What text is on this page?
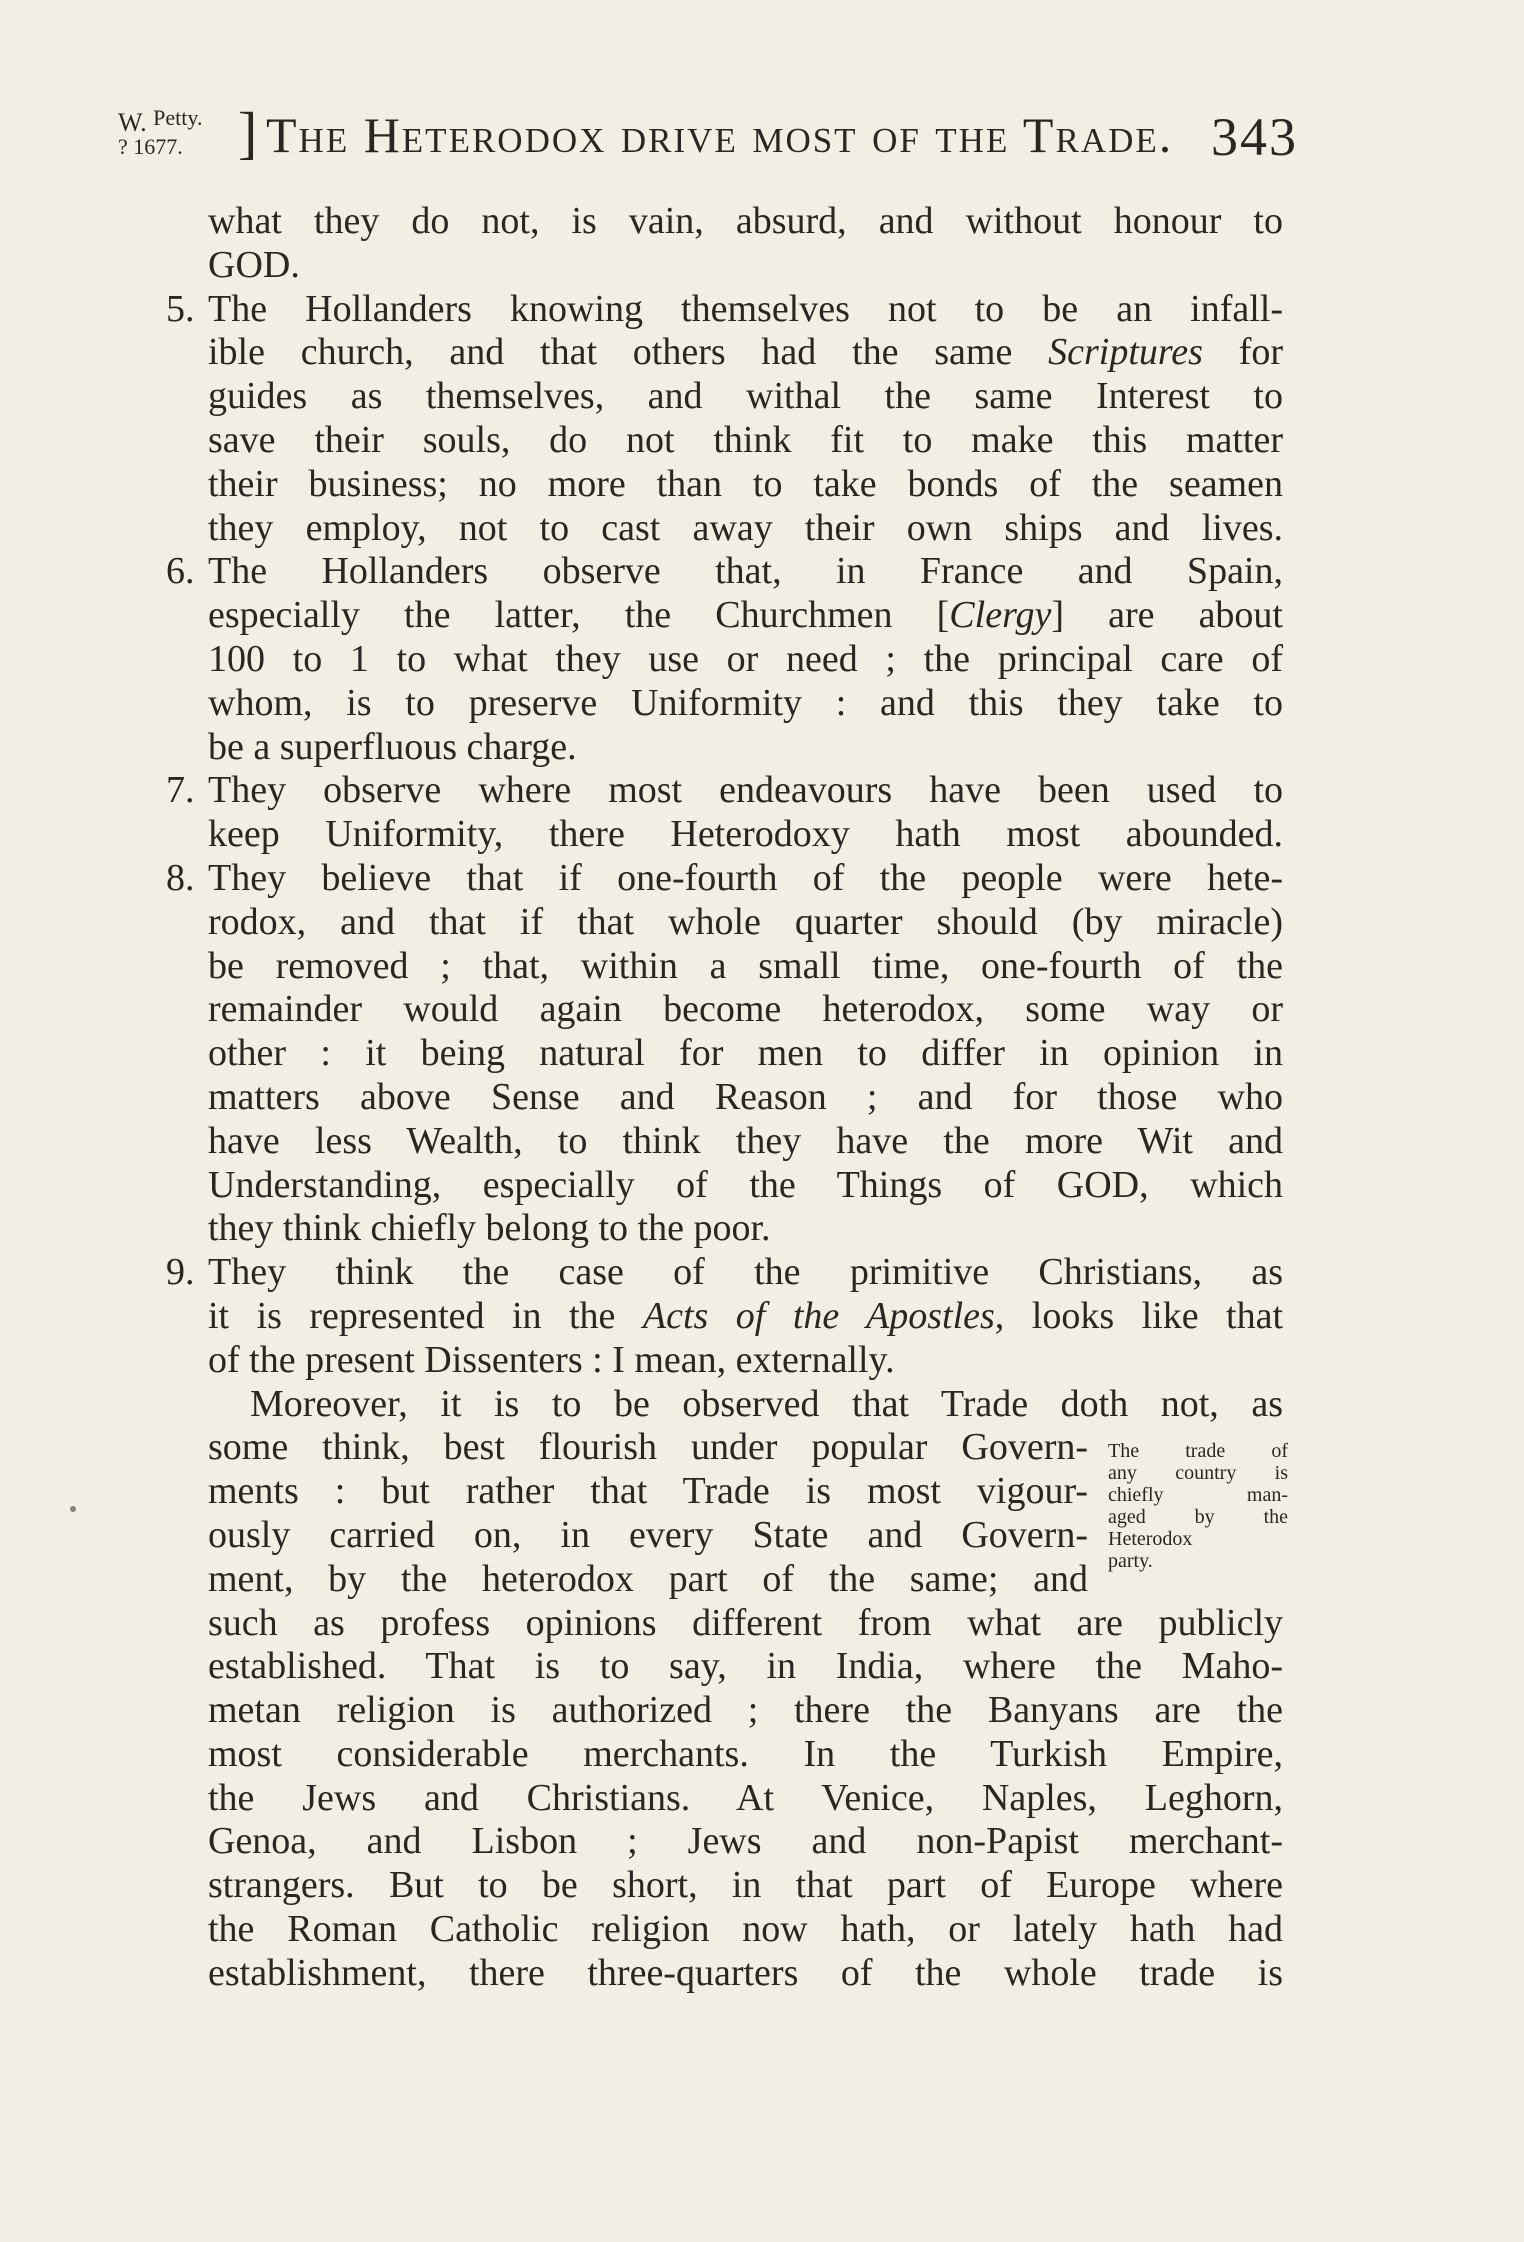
W. $^{Petty.}$
? 1677. ] The Heterodox drive most of the Trade. 343
what they do not, is vain, absurd, and without honour to
GOD.
5. The Hollanders knowing themselves not to be an infall-
ible church, and that others had the same Scriptures for
guides as themselves, and withal the same Interest to
save their souls, do not think fit to make this matter
their business; no more than to take bonds of the seamen
they employ, not to cast away their own ships and lives.
6. The Hollanders observe that, in France and Spain,
especially the latter, the Churchmen [Clergy] are about
100 to 1 to what they use or need ; the principal care of
whom, is to preserve Uniformity : and this they take to
be a superfluous charge.
7. They observe where most endeavours have been used to
keep Uniformity, there Heterodoxy hath most abounded.
8. They believe that if one-fourth of the people were hete-
rodox, and that if that whole quarter should (by miracle)
be removed ; that, within a small time, one-fourth of the
remainder would again become heterodox, some way or
other : it being natural for men to differ in opinion in
matters above Sense and Reason ; and for those who
have less Wealth, to think they have the more Wit and
Understanding, especially of the Things of GOD, which
they think chiefly belong to the poor.
9. They think the case of the primitive Christians, as
it is represented in the Acts of the Apostles, looks like that
of the present Dissenters : I mean, externally.
Moreover, it is to be observed that Trade doth not, as
some think, best flourish under popular Govern-
ments : but rather that Trade is most vigour-
ously carried on, in every State and Govern-
ment, by the heterodox part of the same; and
such as profess opinions different from what are publicly
established. That is to say, in India, where the Maho-
metan religion is authorized ; there the Banyans are the
most considerable merchants. In the Turkish Empire,
the Jews and Christians. At Venice, Naples, Leghorn,
Genoa, and Lisbon ; Jews and non-Papist merchant-
strangers. But to be short, in that part of Europe where
the Roman Catholic religion now hath, or lately hath had
establishment, there three-quarters of the whole trade is
The trade of
any country is
chiefly man-
aged by the
Heterodox
party.
